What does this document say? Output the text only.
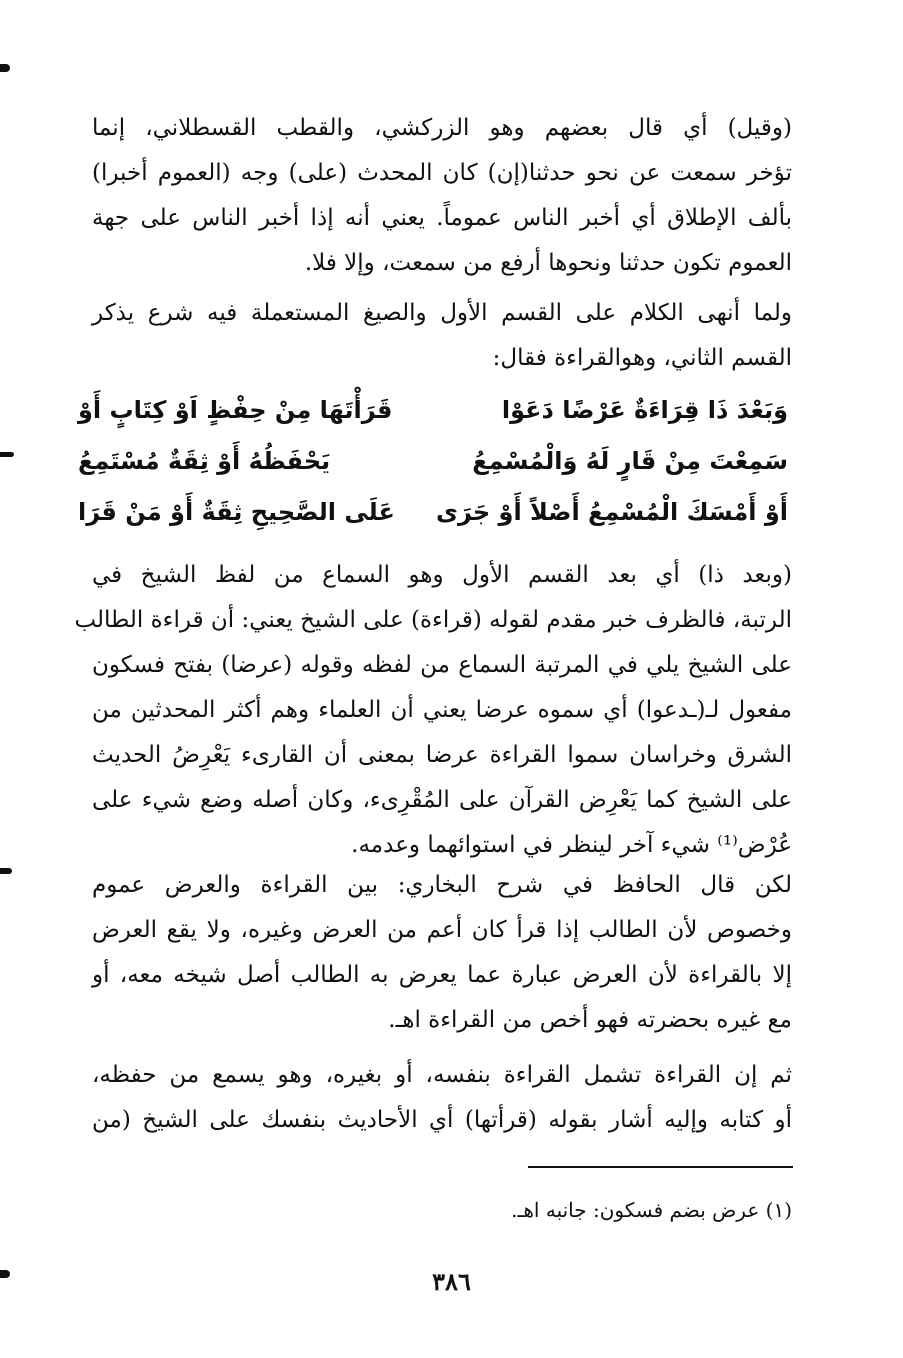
(وقيل) أي قال بعضهم وهو الزركشي، والقطب القسطلاني، إنما
تؤخر سمعت عن نحو حدثنا(إن) كان المحدث (على) وجه (العموم أخبرا)
بألف الإطلاق أي أخبر الناس عموماً. يعني أنه إذا أخبر الناس على جهة
العموم تكون حدثنا ونحوها أرفع من سمعت، وإلا فلا.
ولما أنهى الكلام على القسم الأول والصيغ المستعملة فيه شرع يذكر
القسم الثاني، وهوالقراءة فقال:
وَبَعْدَ ذَا قِرَاءَةٌ عَرْضًا دَعَوْا
قَرَأْتَهَا مِنْ حِفْظٍ اَوْ كِتَابٍ أَوْ
سَمِعْتَ مِنْ قَارٍ لَهُ وَالْمُسْمِعُ
يَحْفَظُهُ أَوْ ثِقَةٌ مُسْتَمِعُ
أَوْ أَمْسَكَ الْمُسْمِعُ أَصْلاً أَوْ جَرَى
عَلَى الصَّحِيحِ ثِقَةٌ أَوْ مَنْ قَرَا
(وبعد ذا) أي بعد القسم الأول وهو السماع من لفظ الشيخ في
الرتبة، فالظرف خبر مقدم لقوله (قراءة) على الشيخ يعني: أن قراءة الطالب
على الشيخ يلي في المرتبة السماع من لفظه وقوله (عرضا) بفتح فسكون
مفعول لـ(ـدعوا) أي سموه عرضا يعني أن العلماء وهم أكثر المحدثين من
الشرق وخراسان سموا القراءة عرضا بمعنى أن القارىء يَعْرِضُ الحديث
على الشيخ كما يَعْرِض القرآن على المُقْرِىء، وكان أصله وضع شيء على
عُرْض⁽¹⁾ شيء آخر لينظر في استوائهما وعدمه.
لكن قال الحافظ في شرح البخاري: بين القراءة والعرض عموم
وخصوص لأن الطالب إذا قرأ كان أعم من العرض وغيره، ولا يقع العرض
إلا بالقراءة لأن العرض عبارة عما يعرض به الطالب أصل شيخه معه، أو
مع غيره بحضرته فهو أخص من القراءة اهـ.
ثم إن القراءة تشمل القراءة بنفسه، أو بغيره، وهو يسمع من حفظه،
أو كتابه وإليه أشار بقوله (قرأتها) أي الأحاديث بنفسك على الشيخ (من
(١) عرض بضم فسكون: جانبه اهـ.
٣٨٦
